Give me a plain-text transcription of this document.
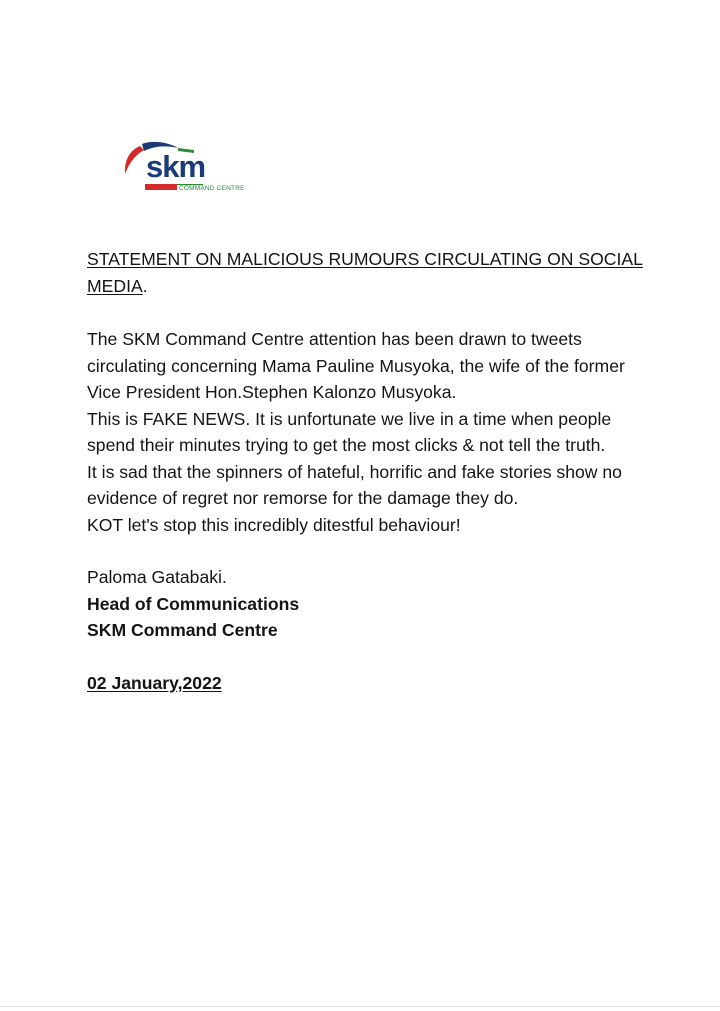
skm
COMMAND CENTRE

STATEMENT ON MALICIOUS RUMOURS CIRCULATING ON SOCIAL MEDIA.

The SKM Command Centre attention has been drawn to tweets circulating concerning Mama Pauline Musyoka, the wife of the former Vice President Hon.Stephen Kalonzo Musyoka.

This is FAKE NEWS. It is unfortunate we live in a time when people spend their minutes trying to get the most clicks & not tell the truth.

It is sad that the spinners of hateful, horrific and fake stories show no evidence of regret nor remorse for the damage they do.

KOT let's stop this incredibly ditestful behaviour!

Paloma Gatabaki.

Head of Communications

SKM Command Centre

02 January,2022
